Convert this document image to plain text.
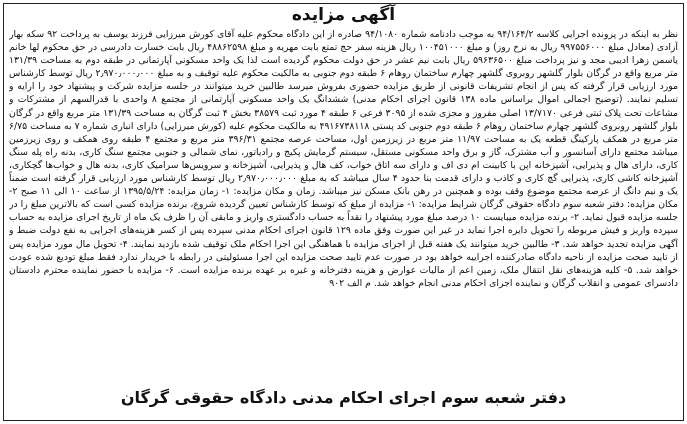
آگهی مزایده

نظر به اینکه در پرونده اجرایی کلاسه ۹۴/۱۶۴/۲ به موجب دادنامه شماره ۹۴/۱۰۸۰ صادره از این دادگاه محکوم علیه آقای کورش میرزایی فرزند یوسف به پرداخت ۹۲ سکه بهار آزادی (معادل مبلغ ۹۹۷۵۵۶۰۰۰ ریال به نرخ روز) و مبلغ ۱۰۰۴۵۱۰۰۰ ریال هزینه سفر حج تمتع بابت مهریه و مبلغ ۴۸۸۶۲۵۹۸ ریال بابت خسارت دادرسی در حق محکوم لها خانم یاسمن زهرا ادیبی مجد و نیز پرداخت مبلغ ۵۹۶۳۶۵۰۰ ریال بابت نیم عشر در حق دولت محکوم گردیده است لذا یک واحد مسکونی آپارتمانی در طبقه دوم به مساحت ۱۳۱/۳۹ متر مربع واقع در گرگان بلوار گلشهر روبروی گلشهر چهارم ساختمان روهام ۶ طبقه دوم جنوبی به مالکیت محکوم علیه توقیف و به مبلغ ۲٫۹۷۰٫۰۰۰٫۰۰۰ ریال توسط کارشناس مورد ارزیابی قرار گرفته که پس از انجام تشریفات قانونی از طریق مزایده حضوری بفروش میرسد طالبین خرید میتوانند در جلسه مزایده شرکت و پیشنهاد خود را ارایه و تسلیم نمایند. (توضیح اجمالی اموال براساس ماده ۱۳۸ قانون اجرای احکام مدنی) ششدانگ یک واحد مسکونی آپارتمانی از مجتمع ۸ واحدی با قدرالسهم از مشترکات و مشاعات تحت پلاک ثبتی فرعی ۱۳/۷۱۷۰ اصلی مفروز و مجزی شده از ۳۰۹۵ فرعی ۶ طبقه ۴ مورد ثبت ۳۸۵۷۹ بخش ۴ ثبت گرگان به مساحت ۱۳۱/۳۹ متر مربع واقع در گرگان بلوار گلشهر روبروی گلشهر چهارم ساختمان روهام ۶ طبقه دوم جنوبی کد پستی ۴۹۱۶۷۳۸۱۱۸ به مالکیت محکوم علیه (کورش میرزایی) دارای انباری شماره ۷ به مساحت ۶/۷۵ متر مربع در همکف پارکینگ قطعه یک به مساحت ۱۱/۹۷ متر مربع در زیرزمین اول، مساحت عرصه مجتمع ۳۹۶/۳۱ متر مربع و مجتمع ۴ طبقه روی همکف و روی زیرزمین میباشد مجتمع دارای آسانسور و آب مشترک، گاز و برق واحد مسکونی مستقل، سیستم گرمایش پکیج و رادیاتور، نمای شمالی و جنوبی مجتمع سنگ کاری، بدنه راه پله سنگ کاری، دارای هال و پذیرایی، آشپزخانه اپن با کابینت ام دی اف و دارای سه اتاق خواب، کف هال و پذیرایی، آشپزخانه و سرویس‌ها سرامیک کاری، بدنه هال و خواب‌ها گچکاری، آشپزخانه کاشی کاری، پذیرایی گچ کاری و کاذب و دارای قدمت بنا حدود ۴ سال میباشد که به مبلغ ۲٫۹۷۰٫۰۰۰٫۰۰۰ ریال توسط کارشناس مورد ارزیابی قرار گرفته است ضمناً یک و نیم دانگ از عرصه مجتمع موضوع وقف بوده و همچنین در رهن بانک مسکن نیز میباشد. زمان و مکان مزایده: ۱- زمان مزایده: ۱۳۹۵/۵/۲۴ از ساعت ۱۰ الی ۱۱ صبح ۲- مکان مزایده: دفتر شعبه سوم دادگاه حقوقی گرگان شرایط مزایده: ۱- مزایده از مبلغ که توسط کارشناس تعیین گردیده شروع، برنده مزایده کسی است که بالاترین مبلغ را در جلسه مزایده قبول نماید. ۲- برنده مزایده میبایست ۱۰ درصد مبلغ مورد پیشنهاد را نقداً به حساب دادگستری واریز و مابقی آن را ظرف یک ماه از تاریخ اجرای مزایده به حساب سپرده واریز و فیش مربوطه را تحویل دایره اجرا نماید در غیر این صورت وفق ماده ۱۲۹ قانون اجرای احکام مدنی سپرده پس از کسر هزینه‌های اجرایی به نفع دولت ضبط و آگهی مزایده تجدید خواهد شد. ۳- طالبین خرید میتوانند یک هفته قبل از اجرای مزایده با هماهنگی این اجرا احکام ملک توقیف شده بازدید نمایند. ۴- تحویل مال مورد مزایده پس از تایید صحت مزایده از ناحیه دادگاه صادرکننده اجراییه خواهد بود در صورت عدم تایید صحت مزایده این اجرا مسئولیتی در رابطه با خریدار ندارد فقط مبلغ تودیع شده عودت خواهد شد. ۵- کلیه هزینه‌های نقل انتقال ملک، زمین اعم از مالیات عوارض و هزینه دفترخانه و غیره بر عهده برنده مزایده است. ۶- مزایده با حضور نماینده محترم دادستان دادسرای عمومی و انقلاب گرگان و نماینده اجرای احکام مدنی انجام خواهد شد. م الف ۹۰۲

دفتر شعبه سوم اجرای احکام مدنی دادگاه حقوقی گرگان
